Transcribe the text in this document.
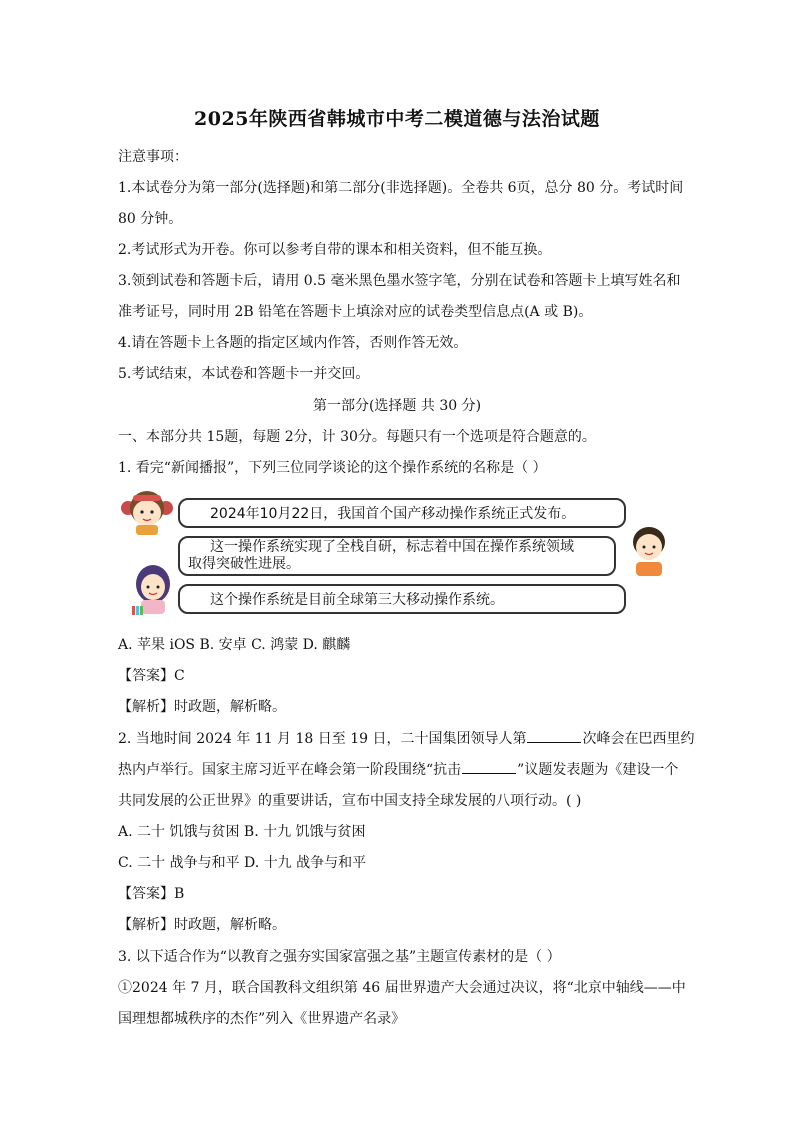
2025年陕西省韩城市中考二模道德与法治试题
注意事项：
1.本试卷分为第一部分(选择题)和第二部分(非选择题)。全卷共 6页，总分 80 分。考试时间
80 分钟。
2.考试形式为开卷。你可以参考自带的课本和相关资料，但不能互换。
3.领到试卷和答题卡后，请用 0.5 毫米黑色墨水签字笔，分别在试卷和答题卡上填写姓名和
准考证号，同时用 2B 铅笔在答题卡上填涂对应的试卷类型信息点(A 或 B)。
4.请在答题卡上各题的指定区域内作答，否则作答无效。
5.考试结束，本试卷和答题卡一并交回。
第一部分(选择题 共 30 分)
一、本部分共 15题，每题 2分，计 30分。每题只有一个选项是符合题意的。
1. 看完“新闻播报”，下列三位同学谈论的这个操作系统的名称是（ ）
2024年10月22日，我国首个国产移动操作系统正式发布。
这一操作系统实现了全栈自研，标志着中国在操作系统领域
取得突破性进展。
这个操作系统是目前全球第三大移动操作系统。
A. 苹果 iOS B. 安卓 C. 鸿蒙 D. 麒麟
【答案】C
【解析】时政题，解析略。
2. 当地时间 2024 年 11 月 18 日至 19 日，二十国集团领导人第	次峰会在巴西里约
热内卢举行。国家主席习近平在峰会第一阶段围绕“抗击	”议题发表题为《建设一个
共同发展的公正世界》的重要讲话，宣布中国支持全球发展的八项行动。( )
A. 二十 饥饿与贫困 B. 十九 饥饿与贫困
C. 二十 战争与和平 D. 十九 战争与和平
【答案】B
【解析】时政题，解析略。
3. 以下适合作为“以教育之强夯实国家富强之基”主题宣传素材的是（ ）
①2024 年 7 月，联合国教科文组织第 46 届世界遗产大会通过决议，将“北京中轴线——中
国理想都城秩序的杰作”列入《世界遗产名录》
